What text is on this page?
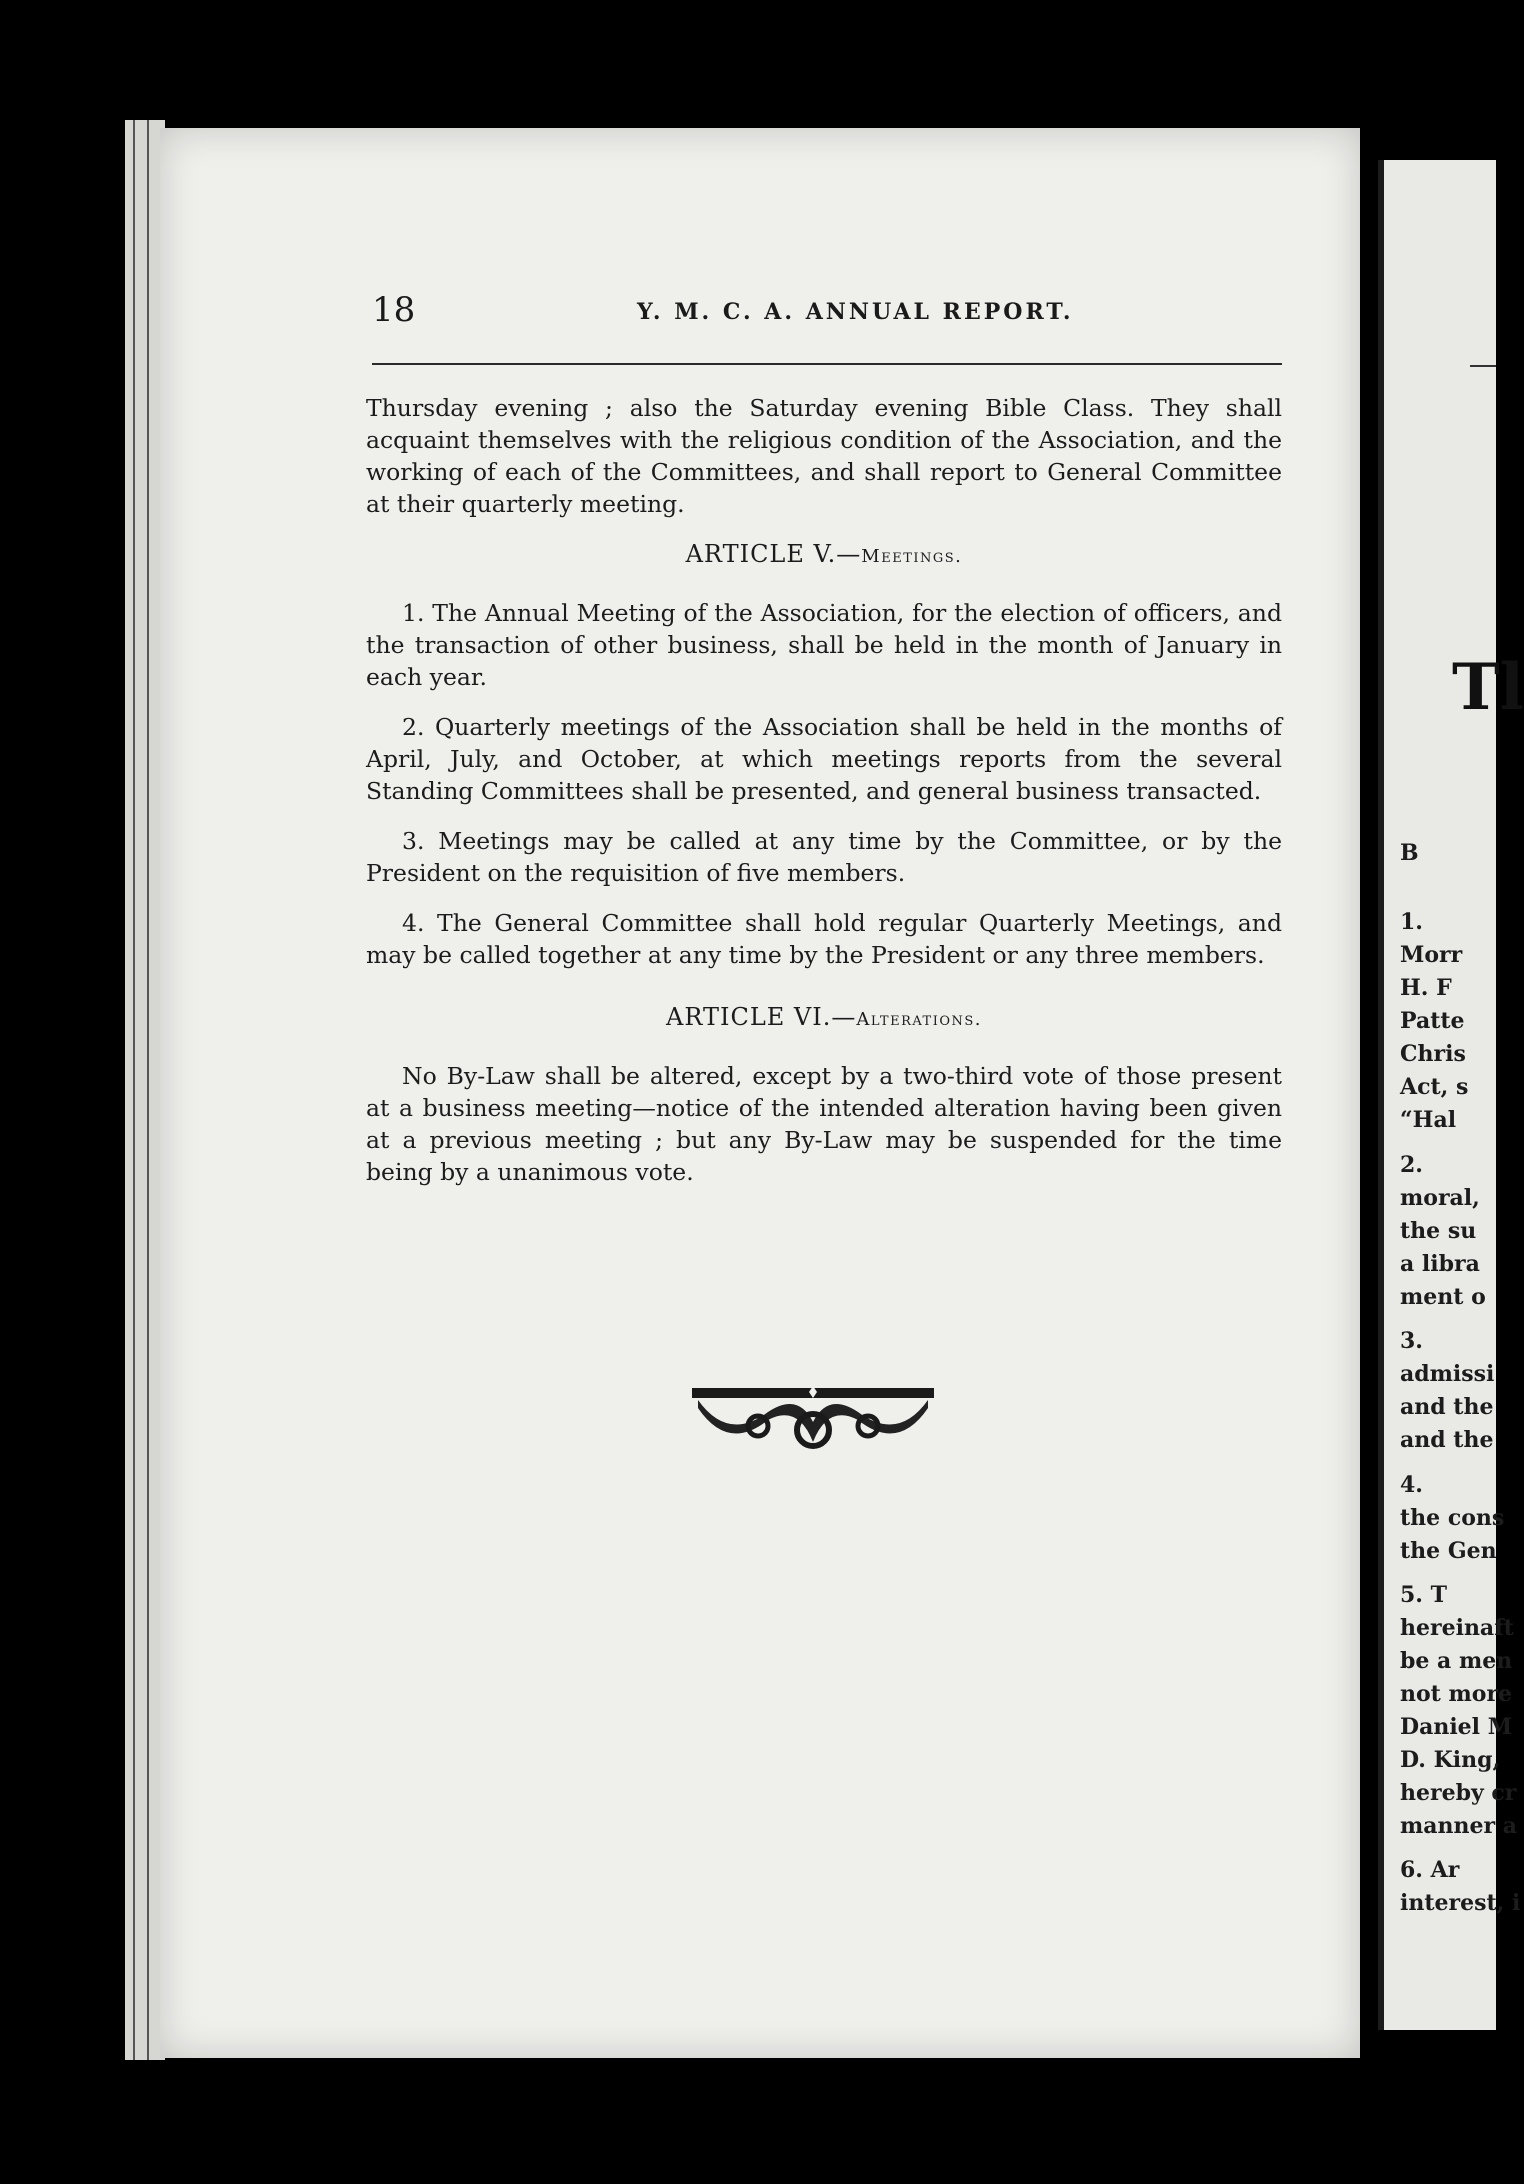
18	Y. M. C. A. ANNUAL REPORT.

Thursday evening ; also the Saturday evening Bible Class. They shall acquaint themselves with the religious condition of the Association, and the working of each of the Committees, and shall report to General Committee at their quarterly meeting.

ARTICLE V.—Meetings.

1. The Annual Meeting of the Association, for the election of officers, and the transaction of other business, shall be held in the month of January in each year.

2. Quarterly meetings of the Association shall be held in the months of April, July, and October, at which meetings reports from the several Standing Committees shall be presented, and general business transacted.

3. Meetings may be called at any time by the Committee, or by the President on the requisition of five members.

4. The General Committee shall hold regular Quarterly Meetings, and may be called together at any time by the President or any three members.

ARTICLE VI.—Alterations.

No By-Law shall be altered, except by a two-third vote of those present at a business meeting—notice of the intended alteration having been given at a previous meeting ; but any By-Law may be suspended for the time being by a unanimous vote.

Tl
B
1.
Morr
H. F
Patte
Chris
Act, s
“Hal
2.
moral,
the su
a libra
ment o
3.
admissi
and the
and the
4.
the cons
the Gen
5. T
hereinaft
be a men
not more
Daniel M
D. King,
hereby cr
manner a
6. Ar
interest, i
